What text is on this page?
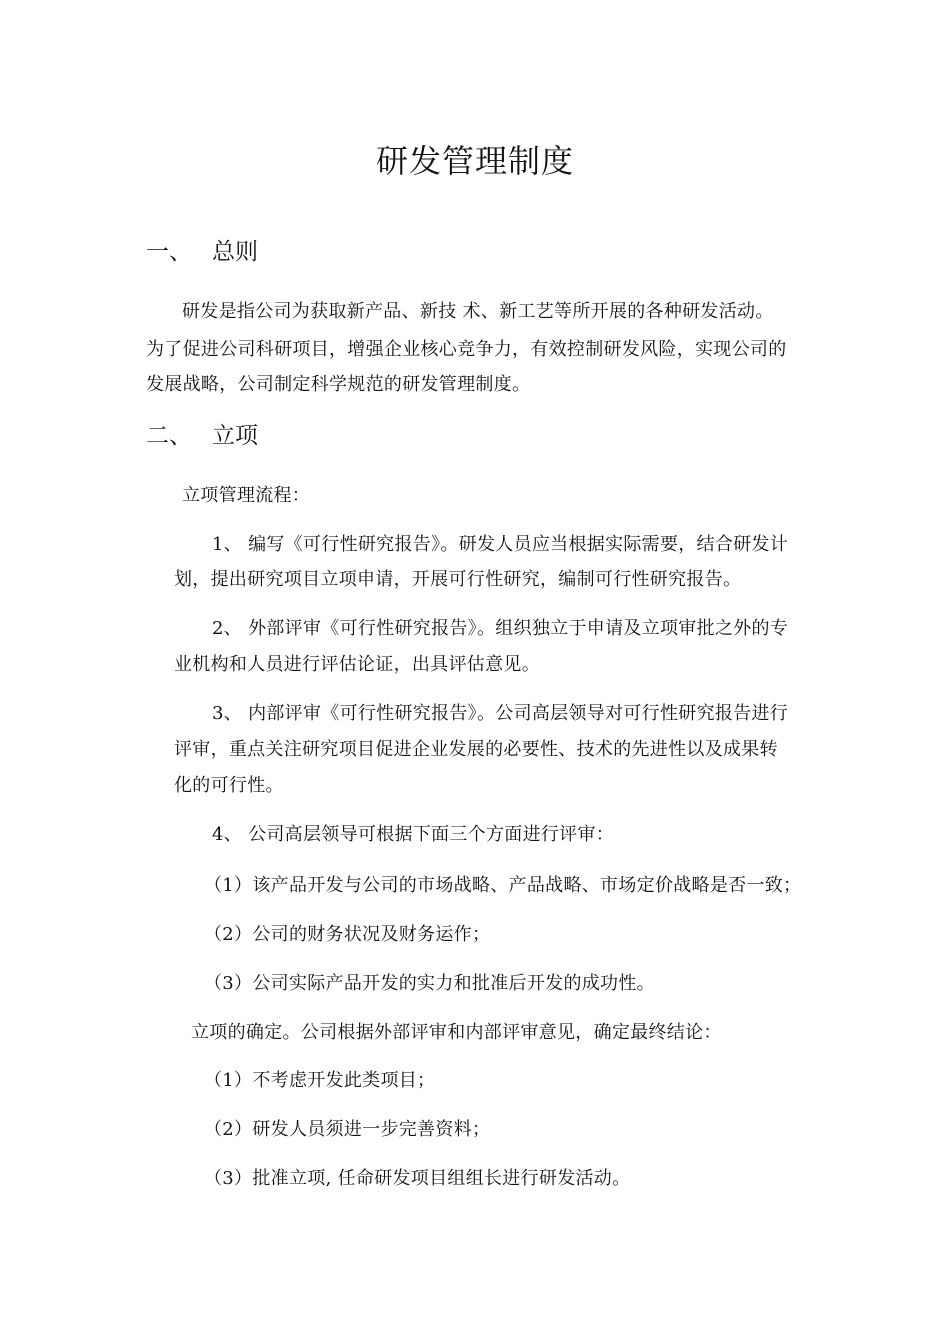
研发管理制度
一、 总则
研发是指公司为获取新产品、新技 术、新工艺等所开展的各种研发活动。
为了促进公司科研项目，增强企业核心竞争力，有效控制研发风险，实现公司的
发展战略，公司制定科学规范的研发管理制度。
二、 立项
立项管理流程：
1、 编写《可行性研究报告》。研发人员应当根据实际需要，结合研发计
划，提出研究项目立项申请，开展可行性研究，编制可行性研究报告。
2、 外部评审《可行性研究报告》。组织独立于申请及立项审批之外的专
业机构和人员进行评估论证，出具评估意见。
3、 内部评审《可行性研究报告》。公司高层领导对可行性研究报告进行
评审，重点关注研究项目促进企业发展的必要性、技术的先进性以及成果转
化的可行性。
4、 公司高层领导可根据下面三个方面进行评审：
（1）该产品开发与公司的市场战略、产品战略、市场定价战略是否一致；
（2）公司的财务状况及财务运作；
（3）公司实际产品开发的实力和批准后开发的成功性。
立项的确定。公司根据外部评审和内部评审意见，确定最终结论：
（1）不考虑开发此类项目；
（2）研发人员须进一步完善资料；
（3）批准立项, 任命研发项目组组长进行研发活动。
